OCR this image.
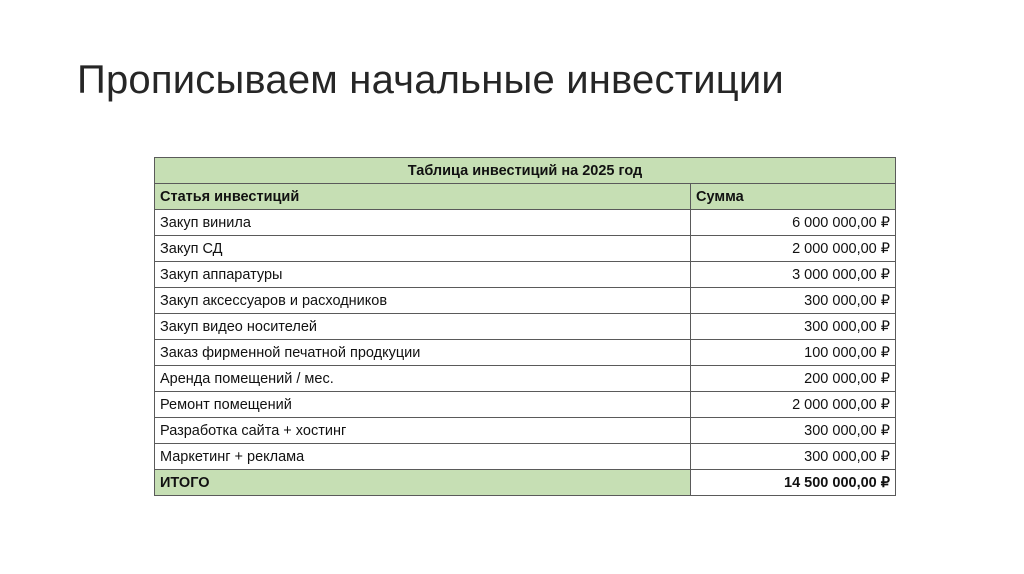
Прописываем начальные инвестиции
Таблица инвестиций на 2025 год	
Статья инвестиций	Сумма
Закуп винила	6 000 000,00 ₽
Закуп СД	2 000 000,00 ₽
Закуп аппаратуры	3 000 000,00 ₽
Закуп аксессуаров и расходников	300 000,00 ₽
Закуп видео носителей	300 000,00 ₽
Заказ фирменной печатной продкуции	100 000,00 ₽
Аренда помещений / мес.	200 000,00 ₽
Ремонт помещений	2 000 000,00 ₽
Разработка сайта + хостинг	300 000,00 ₽
Маркетинг + реклама	300 000,00 ₽
ИТОГО	14 500 000,00 ₽
